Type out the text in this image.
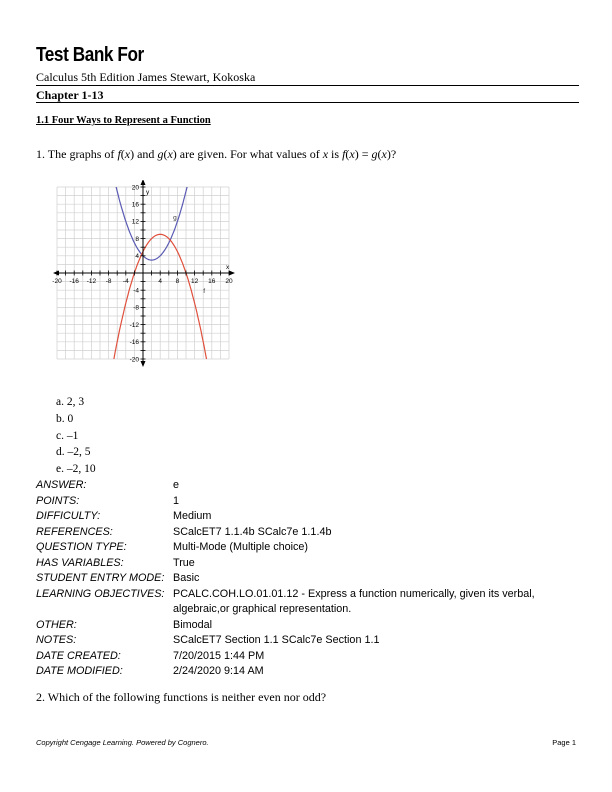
Test Bank For
Calculus 5th Edition James Stewart, Kokoska
Chapter 1-13
1.1 Four Ways to Represent a Function
1. The graphs of f(x) and g(x) are given. For what values of x is f(x) = g(x)?
-20 -16 -12 -8 -4	4 8 12 16 20
20
16
12
8
4
-4
-8
-12
-16
-20
x
y
g
f
a. 2, 3
b. 0
c. –1
d. –2, 5
e. –2, 10
ANSWER:	e
POINTS:	1
DIFFICULTY:	Medium
REFERENCES:	SCalcET7 1.1.4b SCalc7e 1.1.4b
QUESTION TYPE:	Multi-Mode (Multiple choice)
HAS VARIABLES:	True
STUDENT ENTRY MODE: Basic
LEARNING OBJECTIVES: PCALC.COH.LO.01.01.12 - Express a function numerically, given its verbal, algebraic,or graphical representation.
OTHER:	Bimodal
NOTES:	SCalcET7 Section 1.1 SCalc7e Section 1.1
DATE CREATED:	7/20/2015 1:44 PM
DATE MODIFIED:	2/24/2020 9:14 AM
2. Which of the following functions is neither even nor odd?
Copyright Cengage Learning. Powered by Cognero.	Page 1
